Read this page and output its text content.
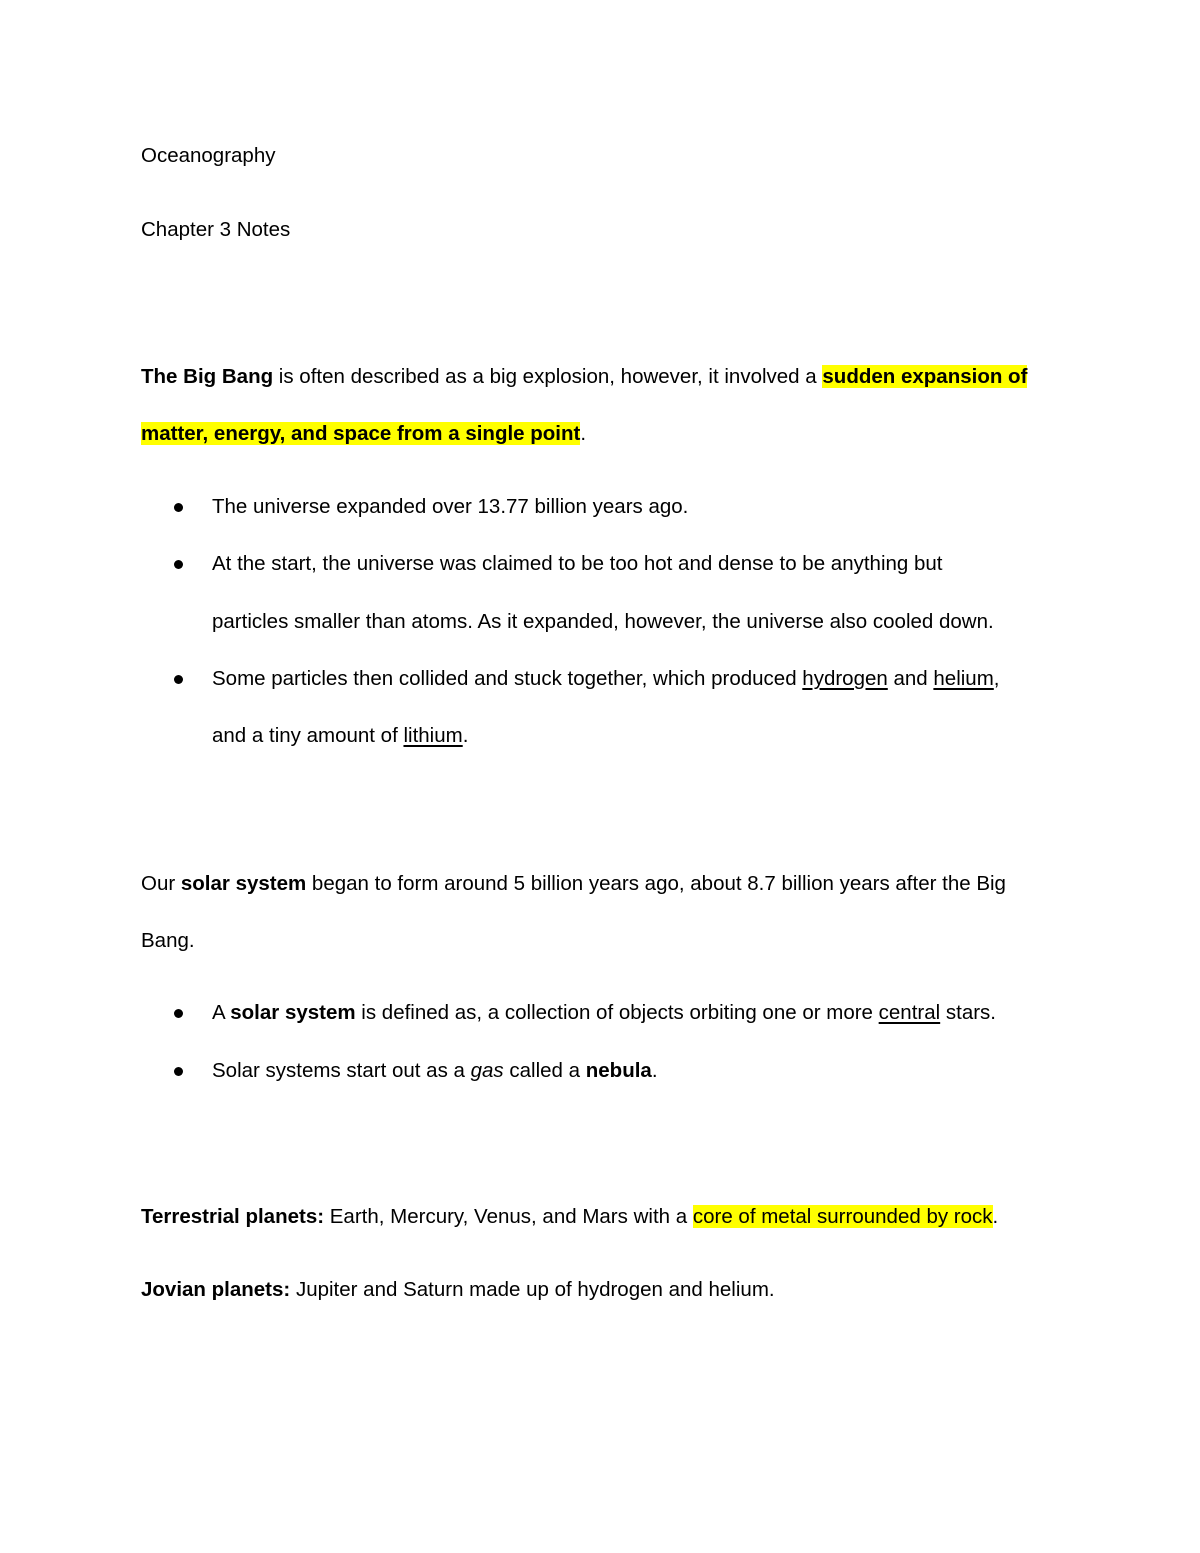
Oceanography
Chapter 3 Notes
The Big Bang is often described as a big explosion, however, it involved a sudden expansion of
matter, energy, and space from a single point.
The universe expanded over 13.77 billion years ago.
At the start, the universe was claimed to be too hot and dense to be anything but
particles smaller than atoms. As it expanded, however, the universe also cooled down.
Some particles then collided and stuck together, which produced hydrogen and helium,
and a tiny amount of lithium.
Our solar system began to form around 5 billion years ago, about 8.7 billion years after the Big
Bang.
A solar system is defined as, a collection of objects orbiting one or more central stars.
Solar systems start out as a gas called a nebula.
Terrestrial planets: Earth, Mercury, Venus, and Mars with a core of metal surrounded by rock.
Jovian planets: Jupiter and Saturn made up of hydrogen and helium.
